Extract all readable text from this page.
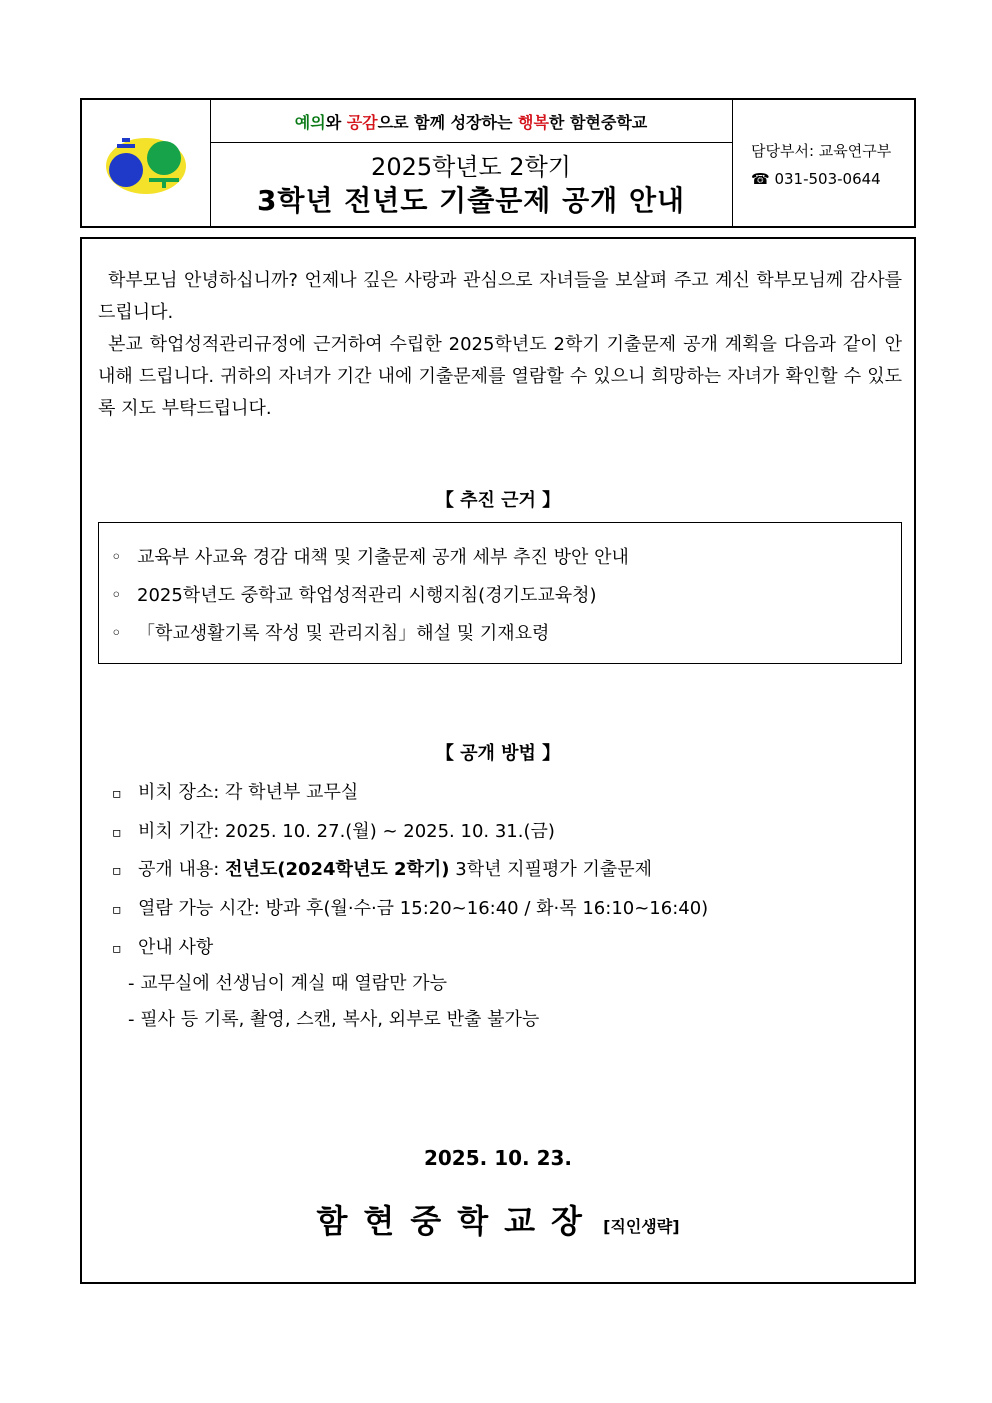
예의 와 공감 으로 함께 성장하는 행복 한 함현중학교
2025학년도 2학기
3학년 전년도 기출문제 공개 안내
담당부서: 교육연구부
☎ 031-503-0644
학부모님 안녕하십니까? 언제나 깊은 사랑과 관심으로 자녀들을 보살펴 주고 계신 학부모님께 감사를 드립니다.
본교 학업성적관리규정에 근거하여 수립한 2025학년도 2학기 기출문제 공개 계획을 다음과 같이 안내해 드립니다. 귀하의 자녀가 기간 내에 기출문제를 열람할 수 있으니 희망하는 자녀가 확인할 수 있도록 지도 부탁드립니다.
【 추진 근거 】
◦ 교육부 사교육 경감 대책 및 기출문제 공개 세부 추진 방안 안내
◦ 2025학년도 중학교 학업성적관리 시행지침(경기도교육청)
◦ 「학교생활기록 작성 및 관리지침」해설 및 기재요령
【 공개 방법 】
▫ 비치 장소: 각 학년부 교무실
▫ 비치 기간: 2025. 10. 27.(월) ~ 2025. 10. 31.(금)
▫ 공개 내용: 전년도(2024학년도 2학기) 3학년 지필평가 기출문제
▫ 열람 가능 시간: 방과 후(월·수·금 15:20~16:40 / 화·목 16:10~16:40)
▫ 안내 사항
- 교무실에 선생님이 계실 때 열람만 가능
- 필사 등 기록, 촬영, 스캔, 복사, 외부로 반출 불가능
2025. 10. 23.
함현중학교장 [직인생략]
